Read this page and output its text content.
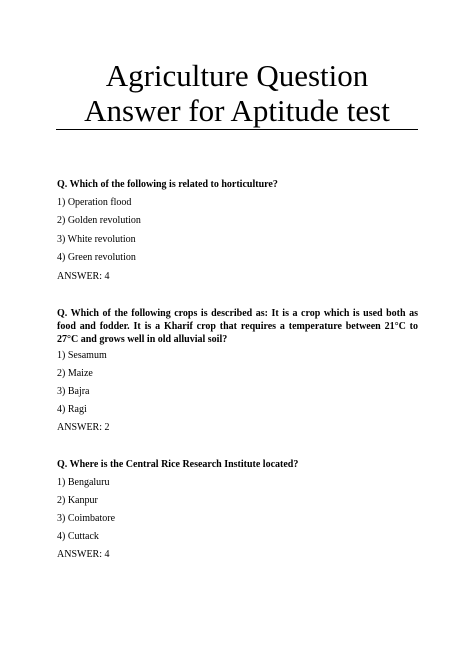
Agriculture Question
Answer for Aptitude test
Q. Which of the following is related to horticulture?
1) Operation flood
2) Golden revolution
3) White revolution
4) Green revolution
ANSWER: 4
Q. Which of the following crops is described as: It is a crop which is used both as food and fodder. It is a Kharif crop that requires a temperature between 21°C to 27°C and grows well in old alluvial soil?
1) Sesamum
2) Maize
3) Bajra
4) Ragi
ANSWER: 2
Q. Where is the Central Rice Research Institute located?
1) Bengaluru
2) Kanpur
3) Coimbatore
4) Cuttack
ANSWER: 4
